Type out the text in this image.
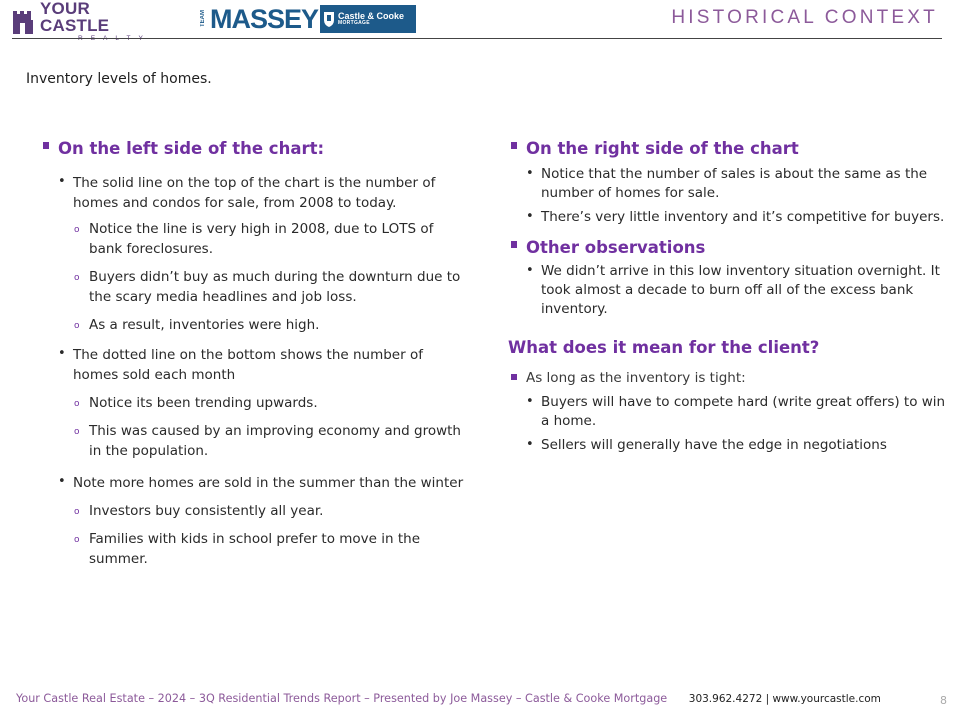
YOUR CASTLE	TEAM MASSEY Castle & Cooke
MORTGAGE	HISTORICAL CONTEXT
Inventory levels of homes.
On the left side of the chart:
• The solid line on the top of the chart is the number of homes and condos for sale, from 2008 to today.
o Notice the line is very high in 2008, due to LOTS of bank foreclosures.
o Buyers didn’t buy as much during the downturn due to the scary media headlines and job loss.
o As a result, inventories were high.
• The dotted line on the bottom shows the number of homes sold each month
o Notice its been trending upwards.
o This was caused by an improving economy and growth in the population.
• Note more homes are sold in the summer than the winter
o Investors buy consistently all year.
o Families with kids in school prefer to move in the summer.
On the right side of the chart
• Notice that the number of sales is about the same as the number of homes for sale.
• There’s very little inventory and it’s competitive for buyers.
Other observations
• We didn’t arrive in this low inventory situation overnight. It took almost a decade to burn off all of the excess bank inventory.
What does it mean for the client?
As long as the inventory is tight:
• Buyers will have to compete hard (write great offers) to win a home.
• Sellers will generally have the edge in negotiations
Your Castle Real Estate – 2024 – 3Q Residential Trends Report – Presented by Joe Massey – Castle & Cooke Mortgage 303.962.4272 | www.yourcastle.com	8
